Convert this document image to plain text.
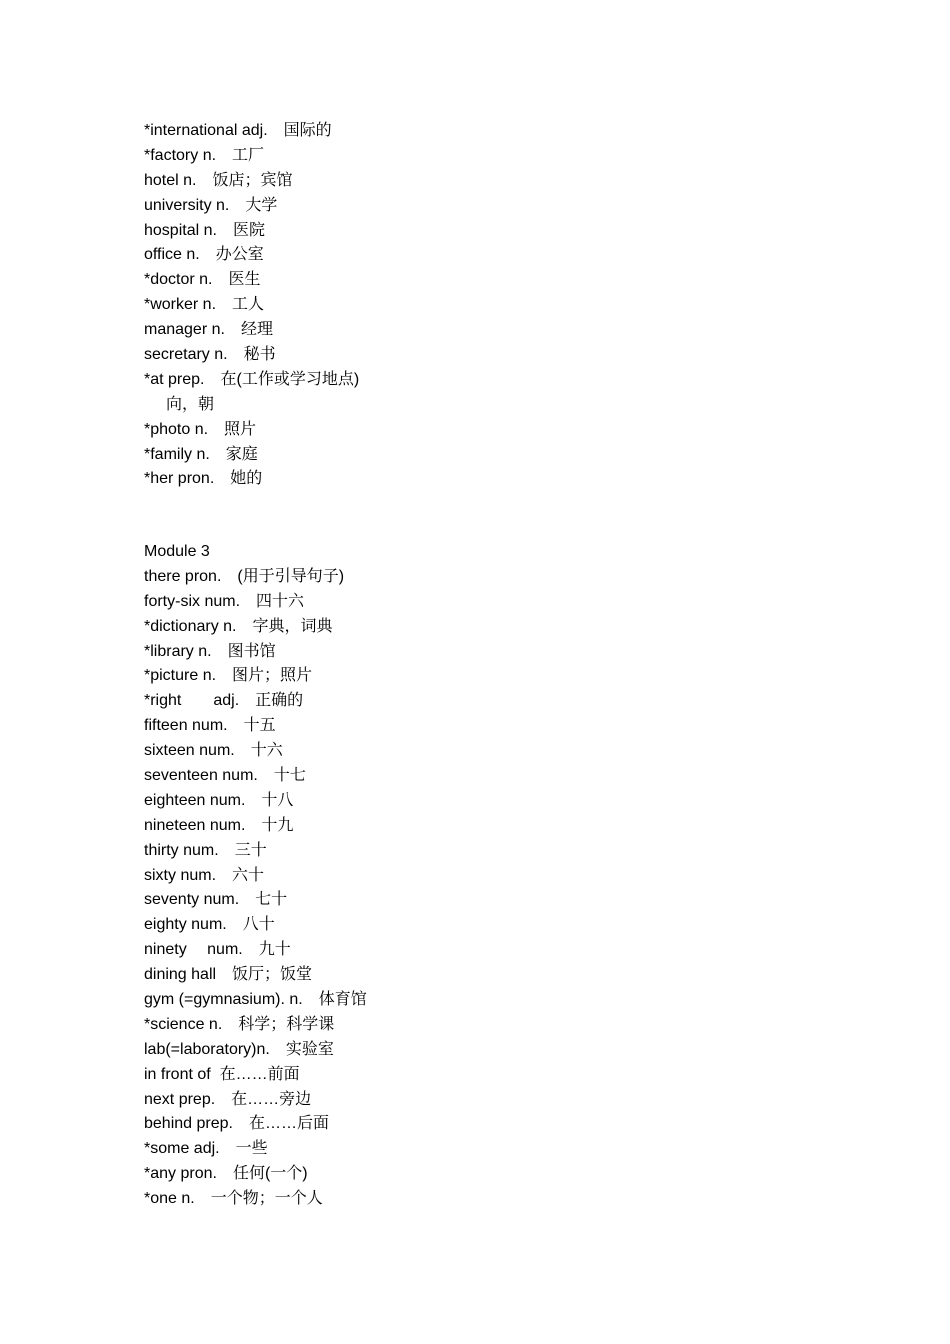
*international adj.　国际的
*factory n.　工厂
hotel n.　饭店；宾馆
university n.　大学
hospital n.　医院
office n.　办公室
*doctor n.　医生
*worker n.　工人
manager n.　经理
secretary n.　秘书
*at prep.　在(工作或学习地点)
向，朝
*photo n.　照片
*family n.　家庭
*her pron.　她的
Module 3
there pron.　(用于引导句子)
forty-six num.　四十六
*dictionary n.　字典，词典
*library n.　图书馆
*picture n.　图片；照片
*right　　adj.　正确的
fifteen num.　十五
sixteen num.　十六
seventeen num.　十七
eighteen num.　十八
nineteen num.　十九
thirty num.　三十
sixty num.　六十
seventy num.　七十
eighty num.　八十
ninety　 num.　九十
dining hall　饭厅；饭堂
gym (=gymnasium). n.　体育馆
*science n.　科学；科学课
lab(=laboratory)n.　实验室
in front of  在……前面
next prep.　在……旁边
behind prep.　在……后面
*some adj.　一些
*any pron.　任何(一个)
*one n.　一个物；一个人
